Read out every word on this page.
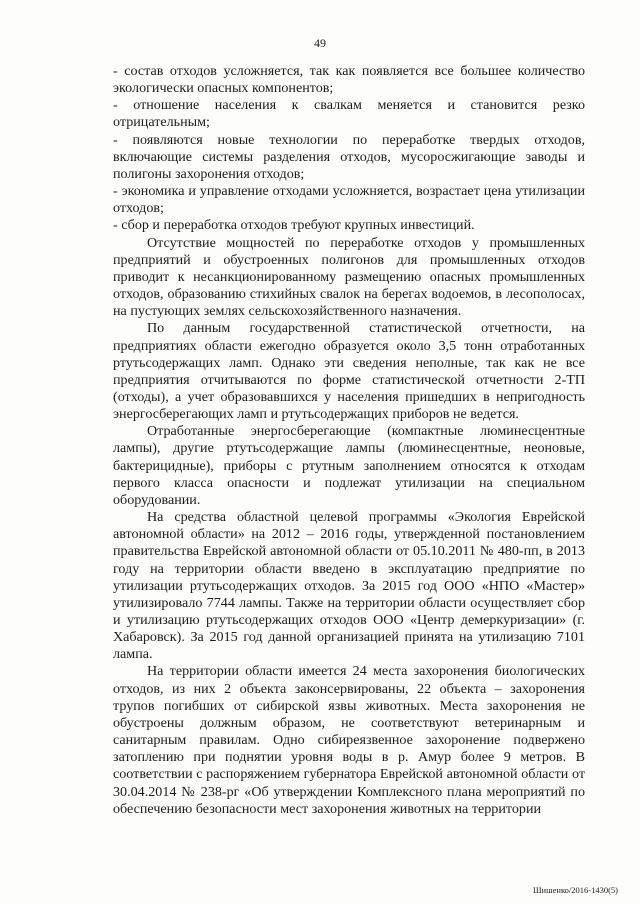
49

- состав отходов усложняется, так как появляется все большее количество экологически опасных компонентов;

- отношение населения к свалкам меняется и становится резко отрицательным;

- появляются новые технологии по переработке твердых отходов, включающие системы разделения отходов, мусоросжигающие заводы и полигоны захоронения отходов;

- экономика и управление отходами усложняется, возрастает цена утилизации отходов;

- сбор и переработка отходов требуют крупных инвестиций.

Отсутствие мощностей по переработке отходов у промышленных предприятий и обустроенных полигонов для промышленных отходов приводит к несанкционированному размещению опасных промышленных отходов, образованию стихийных свалок на берегах водоемов, в лесополосах, на пустующих землях сельскохозяйственного назначения.

По данным государственной статистической отчетности, на предприятиях области ежегодно образуется около 3,5 тонн отработанных ртутьсодержащих ламп. Однако эти сведения неполные, так как не все предприятия отчитываются по форме статистической отчетности 2-ТП (отходы), а учет образовавшихся у населения пришедших в непригодность энергосберегающих ламп и ртутьсодержащих приборов не ведется.

Отработанные энергосберегающие (компактные люминесцентные лампы), другие ртутьсодержащие лампы (люминесцентные, неоновые, бактерицидные), приборы с ртутным заполнением относятся к отходам первого класса опасности и подлежат утилизации на специальном оборудовании.

На средства областной целевой программы «Экология Еврейской автономной области» на 2012 – 2016 годы, утвержденной постановлением правительства Еврейской автономной области от 05.10.2011 № 480-пп, в 2013 году на территории области введено в эксплуатацию предприятие по утилизации ртутьсодержащих отходов. За 2015 год ООО «НПО «Мастер» утилизировало 7744 лампы. Также на территории области осуществляет сбор и утилизацию ртутьсодержащих отходов ООО «Центр демеркуризации» (г. Хабаровск). За 2015 год данной организацией принята на утилизацию 7101 лампа.

На территории области имеется 24 места захоронения биологических отходов, из них 2 объекта законсервированы, 22 объекта – захоронения трупов погибших от сибирской язвы животных. Места захоронения не обустроены должным образом, не соответствуют ветеринарным и санитарным правилам. Одно сибиреязвенное захоронение подвержено затоплению при поднятии уровня воды в р. Амур более 9 метров. В соответствии с распоряжением губернатора Еврейской автономной области от 30.04.2014 № 238-рг «Об утверждении Комплексного плана мероприятий по обеспечению безопасности мест захоронения животных на территории

Шишенко/2016-1430(5)
